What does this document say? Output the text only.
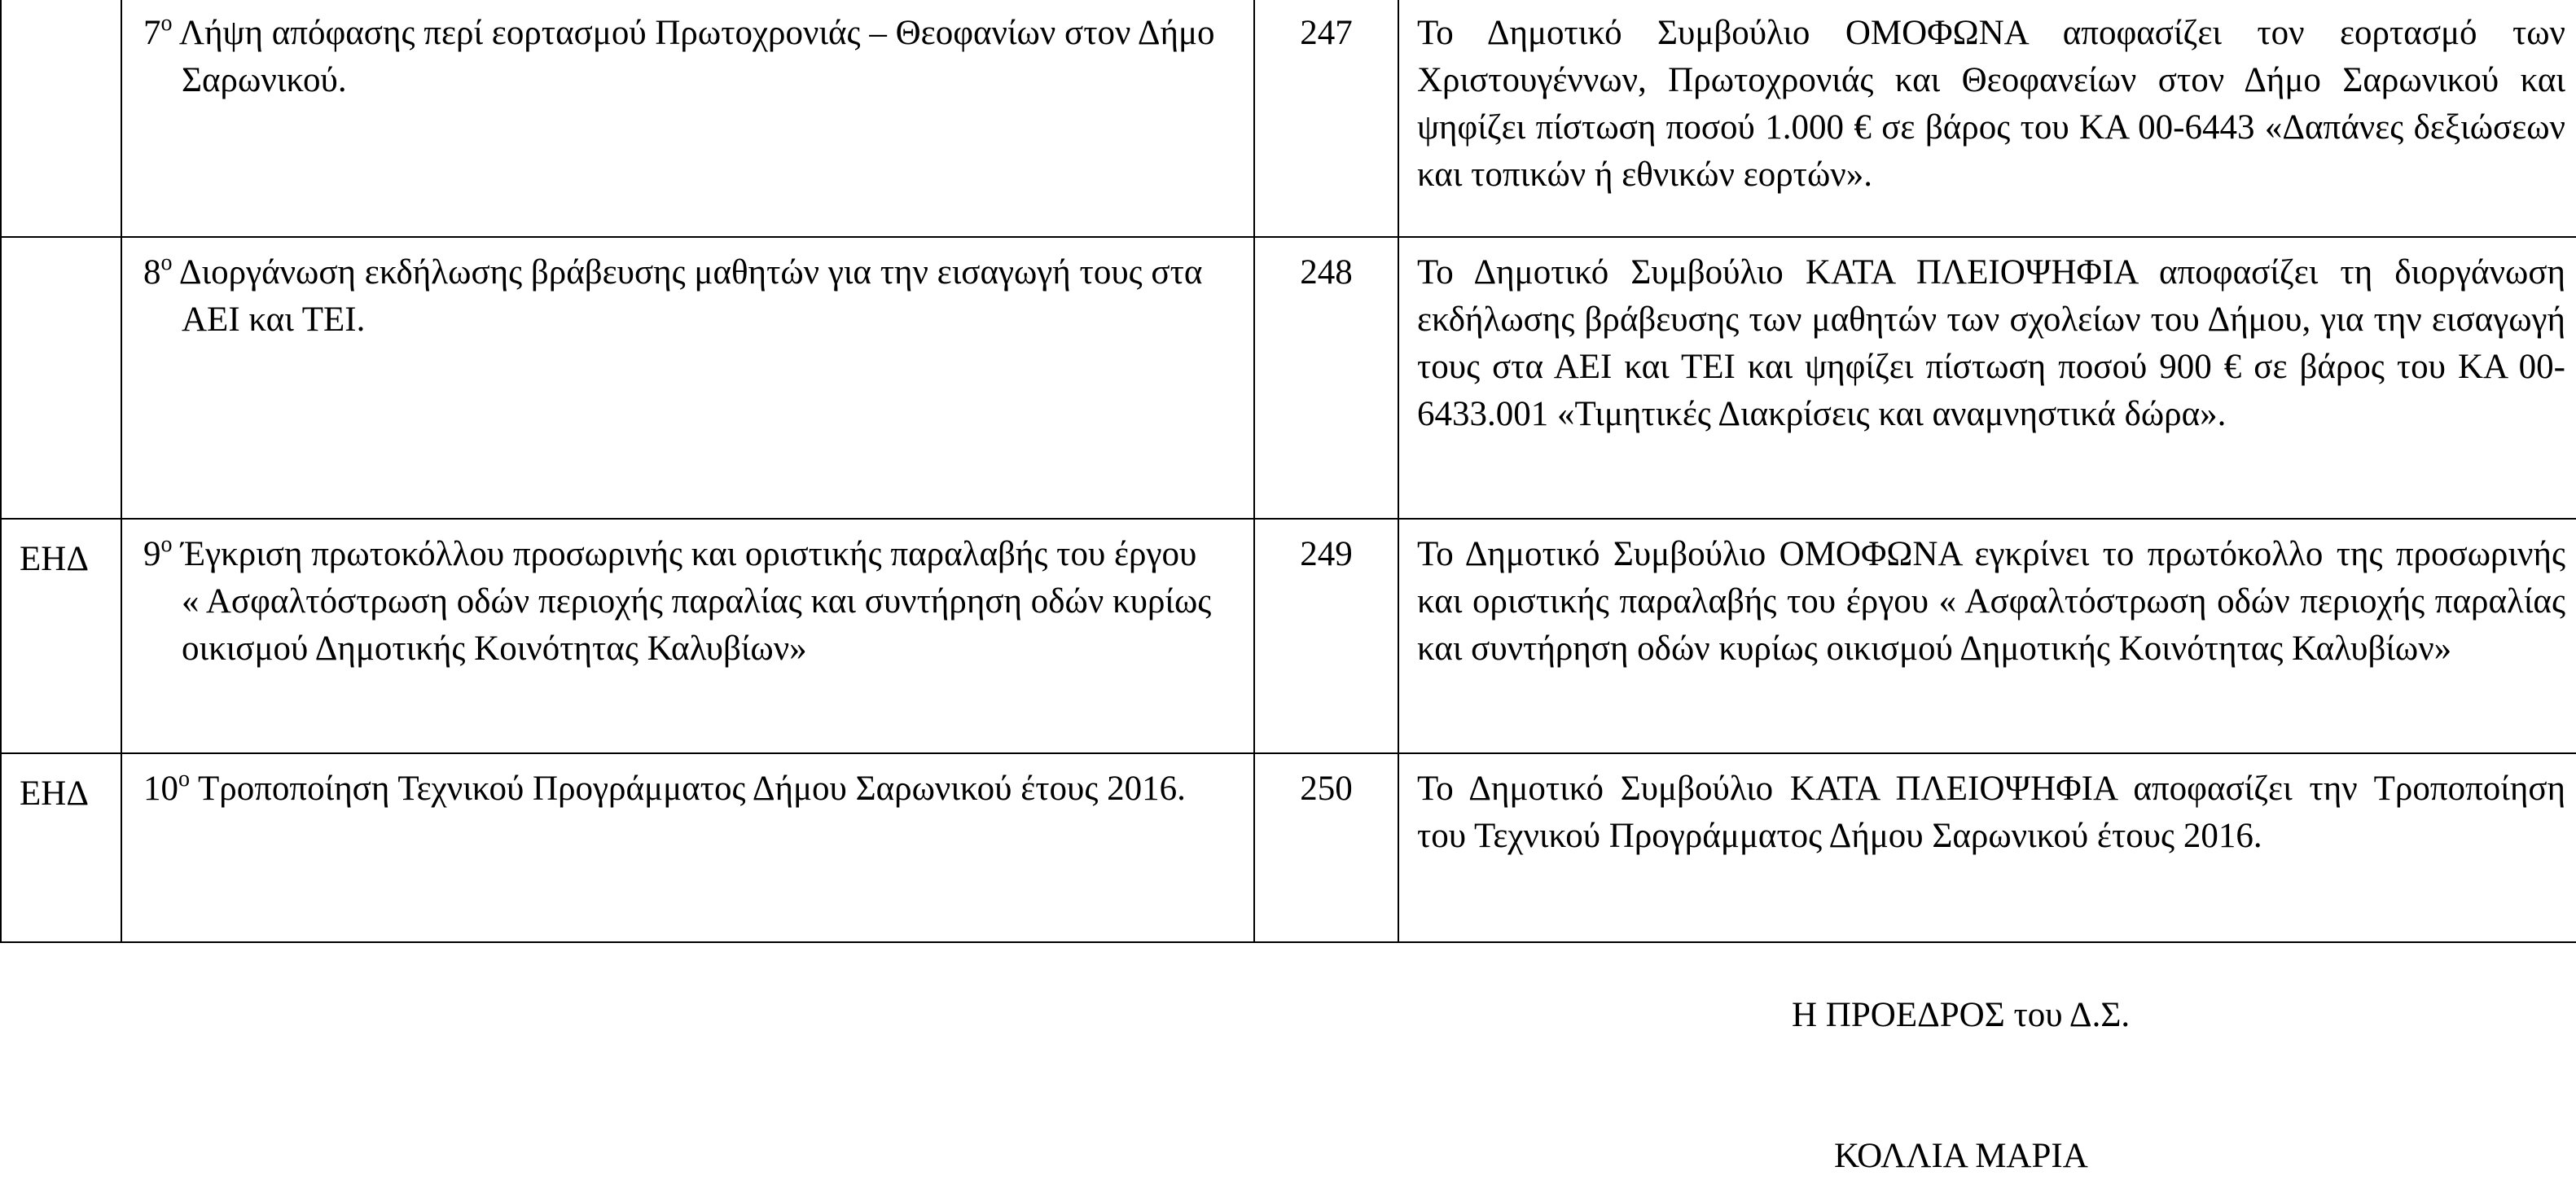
	$7^o$ Λήψη απόφασης περί εορτασμού Πρωτοχρονιάς – Θεοφανίων στον Δήμο Σαρωνικού.	247	Το Δημοτικό Συμβούλιο ΟΜΟΦΩΝΑ αποφασίζει τον εορτασμό των Χριστουγέννων, Πρωτοχρονιάς και Θεοφανείων στον Δήμο Σαρωνικού και ψηφίζει πίστωση ποσού 1.000 € σε βάρος του ΚΑ 00-6443 «Δαπάνες δεξιώσεων και τοπικών ή εθνικών εορτών».

	$8^o$ Διοργάνωση εκδήλωσης βράβευσης μαθητών για την εισαγωγή τους στα ΑΕΙ και ΤΕΙ.	248	Το Δημοτικό Συμβούλιο ΚΑΤΑ ΠΛΕΙΟΨΗΦΙΑ αποφασίζει τη διοργάνωση εκδήλωσης βράβευσης των μαθητών των σχολείων του Δήμου, για την εισαγωγή τους στα ΑΕΙ και ΤΕΙ και ψηφίζει πίστωση ποσού 900 € σε βάρος του ΚΑ 00-6433.001 «Τιμητικές Διακρίσεις και αναμνηστικά δώρα».
ΕΗΔ	$9^o$ Έγκριση πρωτοκόλλου προσωρινής και οριστικής παραλαβής του έργου « Ασφαλτόστρωση οδών περιοχής παραλίας και συντήρηση οδών κυρίως οικισμού Δημοτικής Κοινότητας Καλυβίων»	249	Το Δημοτικό Συμβούλιο ΟΜΟΦΩΝΑ εγκρίνει το πρωτόκολλο της προσωρινής και οριστικής παραλαβής του έργου « Ασφαλτόστρωση οδών περιοχής παραλίας και συντήρηση οδών κυρίως οικισμού Δημοτικής Κοινότητας Καλυβίων»
ΕΗΔ	$10^o$ Τροποποίηση Τεχνικού Προγράμματος Δήμου Σαρωνικού έτους 2016.	250	Το Δημοτικό Συμβούλιο ΚΑΤΑ ΠΛΕΙΟΨΗΦΙΑ αποφασίζει την Τροποποίηση του Τεχνικού Προγράμματος Δήμου Σαρωνικού έτους 2016.
Η ΠΡΟΕΔΡΟΣ του Δ.Σ.
ΚΟΛΛΙΑ ΜΑΡΙΑ
